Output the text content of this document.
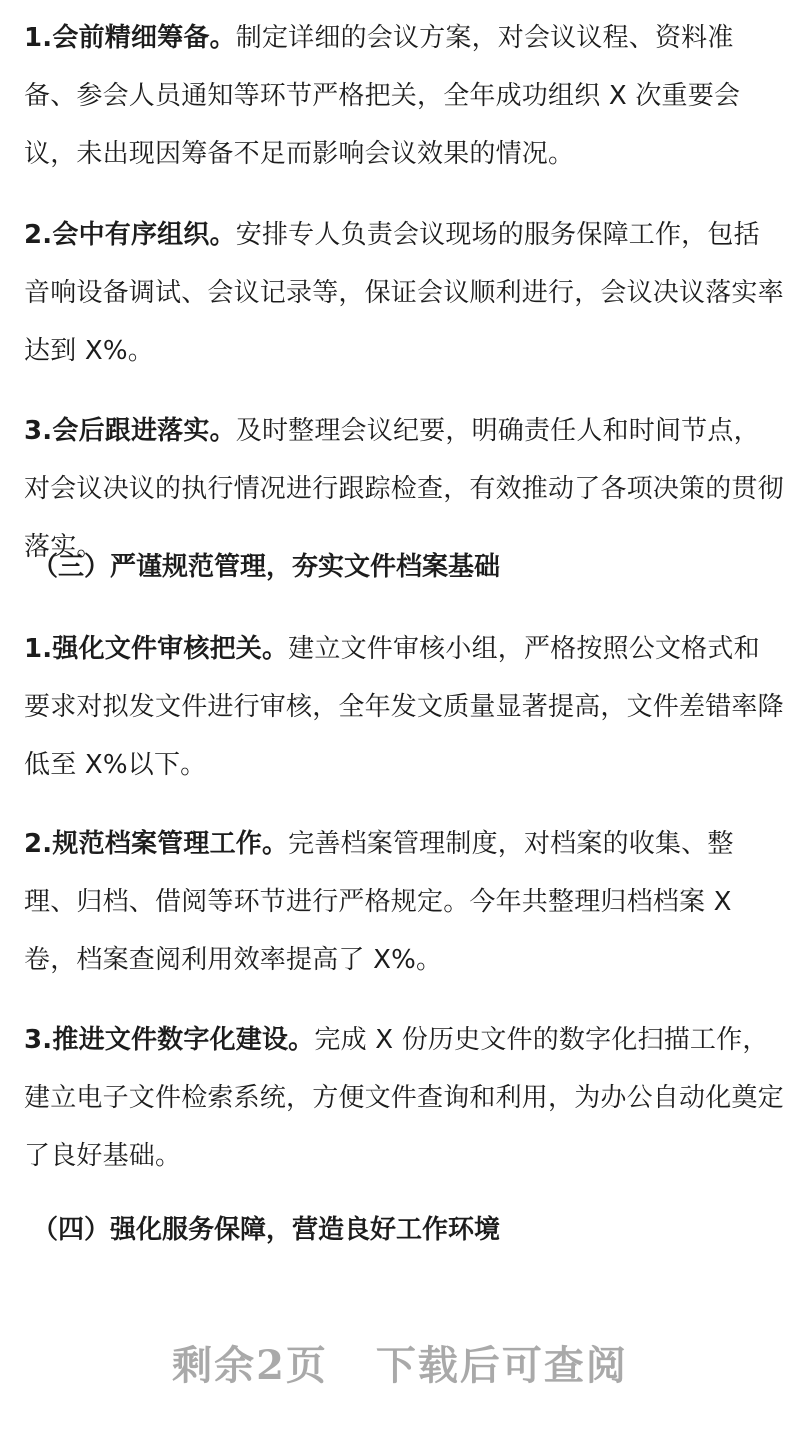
1.会前精细筹备。制定详细的会议方案，对会议议程、资料准备、参会人员通知等环节严格把关，全年成功组织 X 次重要会议，未出现因筹备不足而影响会议效果的情况。

2.会中有序组织。安排专人负责会议现场的服务保障工作，包括音响设备调试、会议记录等，保证会议顺利进行，会议决议落实率达到 X%。

3.会后跟进落实。及时整理会议纪要，明确责任人和时间节点，对会议决议的执行情况进行跟踪检查，有效推动了各项决策的贯彻落实。

（三）严谨规范管理，夯实文件档案基础

1.强化文件审核把关。建立文件审核小组，严格按照公文格式和要求对拟发文件进行审核，全年发文质量显著提高，文件差错率降低至 X%以下。

2.规范档案管理工作。完善档案管理制度，对档案的收集、整理、归档、借阅等环节进行严格规定。今年共整理归档档案 X 卷，档案查阅利用效率提高了 X%。

3.推进文件数字化建设。完成 X 份历史文件的数字化扫描工作，建立电子文件检索系统，方便文件查询和利用，为办公自动化奠定了良好基础。

（四）强化服务保障，营造良好工作环境
剩余2页 下载后可查阅
